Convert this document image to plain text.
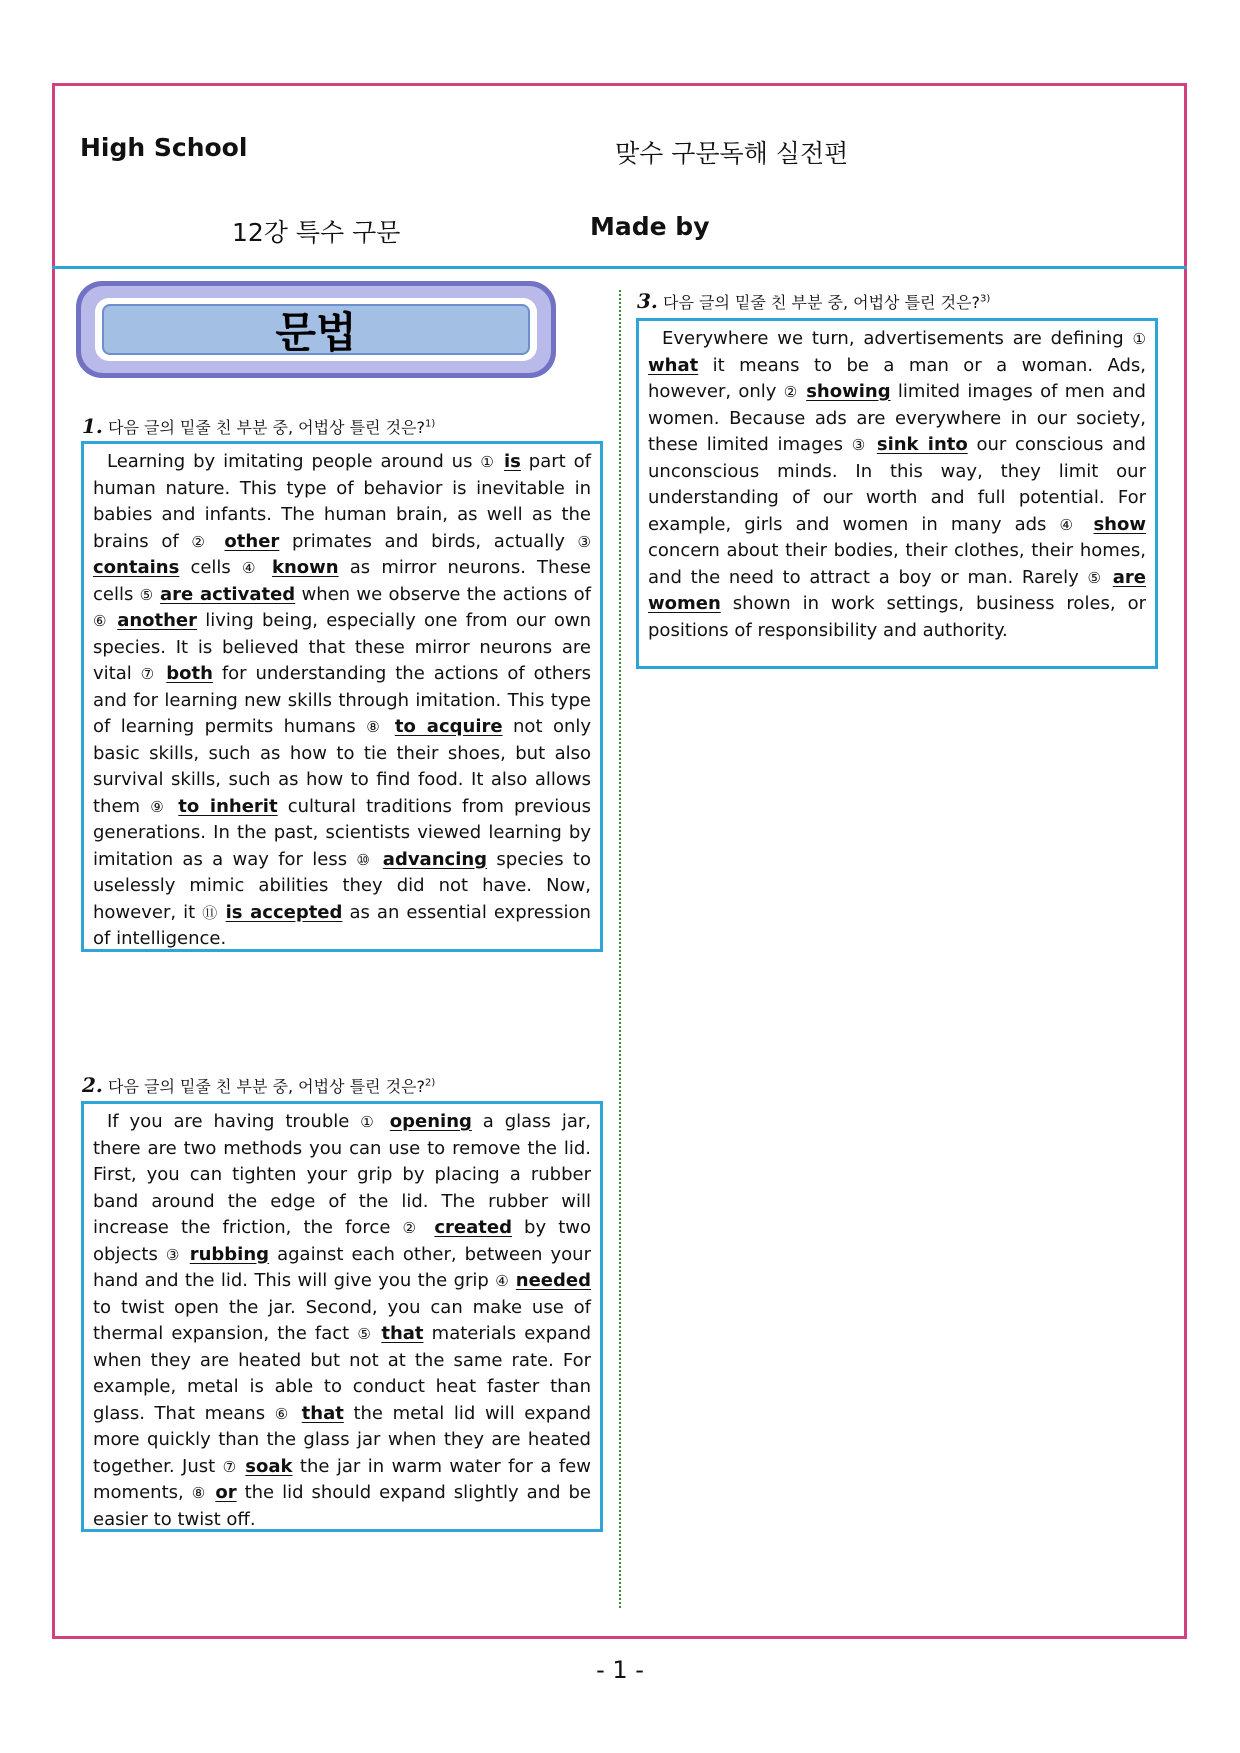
High School	맞수 구문독해 실전편
12강 특수 구문	Made by
문법
1. 다음 글의 밑줄 친 부분 중, 어법상 틀린 것은?$^{1)}$
Learning by imitating people around us ① is part of human nature. This type of behavior is inevitable in babies and infants. The human brain, as well as the brains of ② other primates and birds, actually ③ contains cells ④ known as mirror neurons. These cells ⑤ are activated when we observe the actions of ⑥ another living being, especially one from our own species. It is believed that these mirror neurons are vital ⑦ both for understanding the actions of others and for learning new skills through imitation. This type of learning permits humans ⑧ to acquire not only basic skills, such as how to tie their shoes, but also survival skills, such as how to find food. It also allows them ⑨ to inherit cultural traditions from previous generations. In the past, scientists viewed learning by imitation as a way for less ⑩ advancing species to uselessly mimic abilities they did not have. Now, however, it ⑪ is accepted as an essential expression of intelligence.
2. 다음 글의 밑줄 친 부분 중, 어법상 틀린 것은?$^{2)}$
If you are having trouble ① opening a glass jar, there are two methods you can use to remove the lid. First, you can tighten your grip by placing a rubber band around the edge of the lid. The rubber will increase the friction, the force ② created by two objects ③ rubbing against each other, between your hand and the lid. This will give you the grip ④ needed to twist open the jar. Second, you can make use of thermal expansion, the fact ⑤ that materials expand when they are heated but not at the same rate. For example, metal is able to conduct heat faster than glass. That means ⑥ that the metal lid will expand more quickly than the glass jar when they are heated together. Just ⑦ soak the jar in warm water for a few moments, ⑧ or the lid should expand slightly and be easier to twist off.
3. 다음 글의 밑줄 친 부분 중, 어법상 틀린 것은?$^{3)}$
Everywhere we turn, advertisements are defining ① what it means to be a man or a woman. Ads, however, only ② showing limited images of men and women. Because ads are everywhere in our society, these limited images ③ sink into our conscious and unconscious minds. In this way, they limit our understanding of our worth and full potential. For example, girls and women in many ads ④ show concern about their bodies, their clothes, their homes, and the need to attract a boy or man. Rarely ⑤ are women shown in work settings, business roles, or positions of responsibility and authority.
- 1 -
